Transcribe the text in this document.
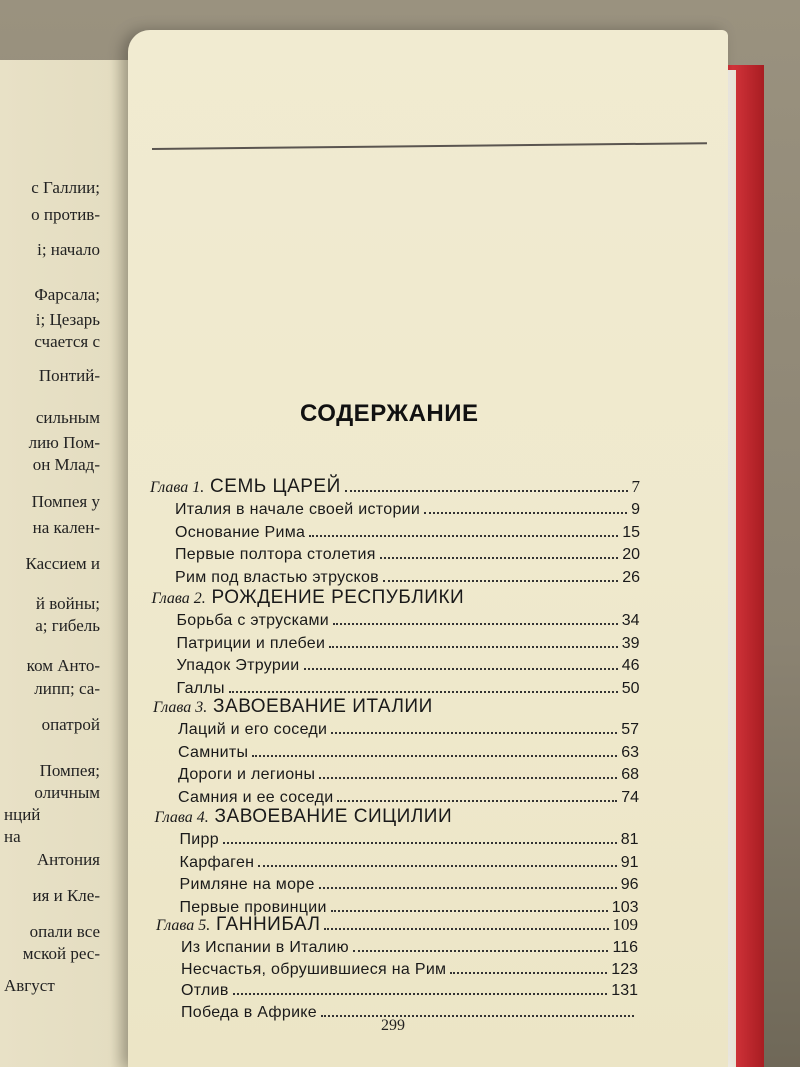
с Галлии;
о против-
і; начало
Фарсала;
і; Цезарь
счается с
Понтий-
сильным
лию Пом-
он Млад-
Помпея у
на кален-
Кассием и
й войны;
а; гибель
ком Анто-
липп; са-
опатрой
Помпея;
оличным
нций
на
Антония
ия и Кле-
опали все
мской рес-
Август
СОДЕРЖАНИЕ
Глава 1. СЕМЬ ЦАРЕЙ	7
Италия в начале своей истории	9
Основание Рима	15
Первые полтора столетия	20
Рим под властью этрусков	26
Глава 2. РОЖДЕНИЕ РЕСПУБЛИКИ
Борьба с этрусками	34
Патриции и плебеи	39
Упадок Этрурии	46
Галлы	50
Глава 3. ЗАВОЕВАНИЕ ИТАЛИИ
Лаций и его соседи	57
Самниты	63
Дороги и легионы	68
Самния и ее соседи	74
Глава 4. ЗАВОЕВАНИЕ СИЦИЛИИ
Пирр	81
Карфаген	91
Римляне на море	96
Первые провинции	103
Глава 5. ГАННИБАЛ	109
Из Испании в Италию	116
Несчастья, обрушившиеся на Рим	123
Отлив	131
Победа в Африке
299
